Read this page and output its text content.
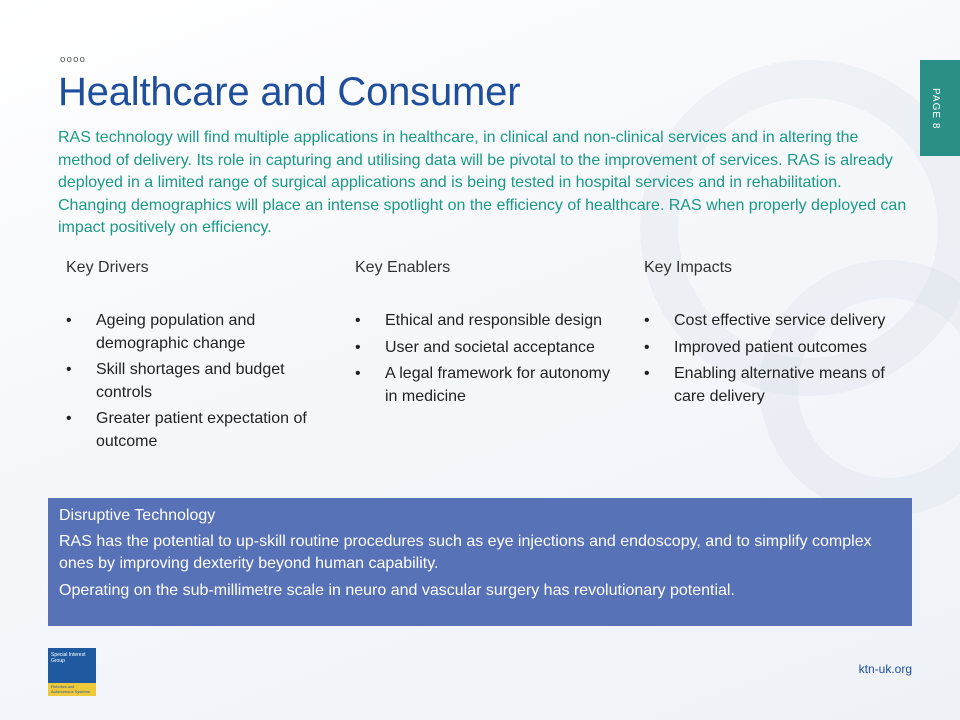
oooo
Healthcare and Consumer	PAGE 8

RAS technology will find multiple applications in healthcare, in clinical and non-clinical services and in altering the method of delivery. Its role in capturing and utilising data will be pivotal to the improvement of services. RAS is already deployed in a limited range of surgical applications and is being tested in hospital services and in rehabilitation. Changing demographics will place an intense spotlight on the efficiency of healthcare. RAS when properly deployed can impact positively on efficiency.

Key Drivers
• Ageing population and demographic change
• Skill shortages and budget controls
• Greater patient expectation of outcome
Key Enablers
• Ethical and responsible design
• User and societal acceptance
• A legal framework for autonomy in medicine
Key Impacts
• Cost effective service delivery
• Improved patient outcomes
• Enabling alternative means of care delivery
Disruptive Technology

RAS has the potential to up-skill routine procedures such as eye injections and endoscopy, and to simplify complex ones by improving dexterity beyond human capability.

Operating on the sub-millimetre scale in neuro and vascular surgery has revolutionary potential.

Special Interest Group
Robotics and Autonomous Systems
ktn-uk.org
